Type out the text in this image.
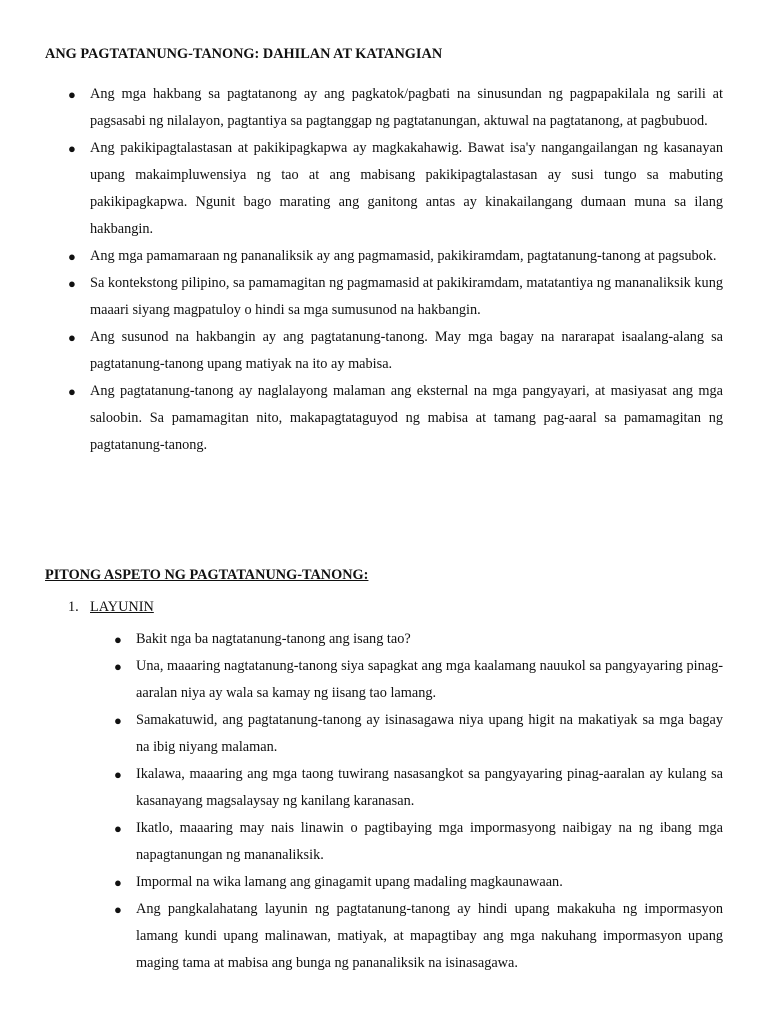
ANG PAGTATANUNG-TANONG: DAHILAN AT KATANGIAN
● Ang mga hakbang sa pagtatanong ay ang pagkatok/pagbati na sinusundan ng pagpapakilala ng sarili at pagsasabi ng nilalayon, pagtantiya sa pagtanggap ng pagtatanungan, aktuwal na pagtatanong, at pagbubuod.
● Ang pakikipagtalastasan at pakikipagkapwa ay magkakahawig. Bawat isa'y nangangailangan ng kasanayan upang makaimpluwensiya ng tao at ang mabisang pakikipagtalastasan ay susi tungo sa mabuting pakikipagkapwa. Ngunit bago marating ang ganitong antas ay kinakailangang dumaan muna sa ilang hakbangin.
● Ang mga pamamaraan ng pananaliksik ay ang pagmamasid, pakikiramdam, pagtatanung-tanong at pagsubok.
● Sa kontekstong pilipino, sa pamamagitan ng pagmamasid at pakikiramdam, matatantiya ng mananaliksik kung maaari siyang magpatuloy o hindi sa mga sumusunod na hakbangin.
● Ang susunod na hakbangin ay ang pagtatanung-tanong. May mga bagay na nararapat isaalang-alang sa pagtatanung-tanong upang matiyak na ito ay mabisa.
● Ang pagtatanung-tanong ay naglalayong malaman ang eksternal na mga pangyayari, at masiyasat ang mga saloobin. Sa pamamagitan nito, makapagtataguyod ng mabisa at tamang pag-aaral sa pamamagitan ng pagtatanung-tanong.
PITONG ASPETO NG PAGTATANUNG-TANONG:

1. LAYUNIN

● Bakit nga ba nagtatanung-tanong ang isang tao?
● Una, maaaring nagtatanung-tanong siya sapagkat ang mga kaalamang nauukol sa pangyayaring pinag-aaralan niya ay wala sa kamay ng iisang tao lamang.
● Samakatuwid, ang pagtatanung-tanong ay isinasagawa niya upang higit na makatiyak sa mga bagay na ibig niyang malaman.
● Ikalawa, maaaring ang mga taong tuwirang nasasangkot sa pangyayaring pinag-aaralan ay kulang sa kasanayang magsalaysay ng kanilang karanasan.
● Ikatlo, maaaring may nais linawin o pagtibaying mga impormasyong naibigay na ng ibang mga napagtanungan ng mananaliksik.
● Impormal na wika lamang ang ginagamit upang madaling magkaunawaan.
● Ang pangkalahatang layunin ng pagtatanung-tanong ay hindi upang makakuha ng impormasyon lamang kundi upang malinawan, matiyak, at mapagtibay ang mga nakuhang impormasyon upang maging tama at mabisa ang bunga ng pananaliksik na isinasagawa.
